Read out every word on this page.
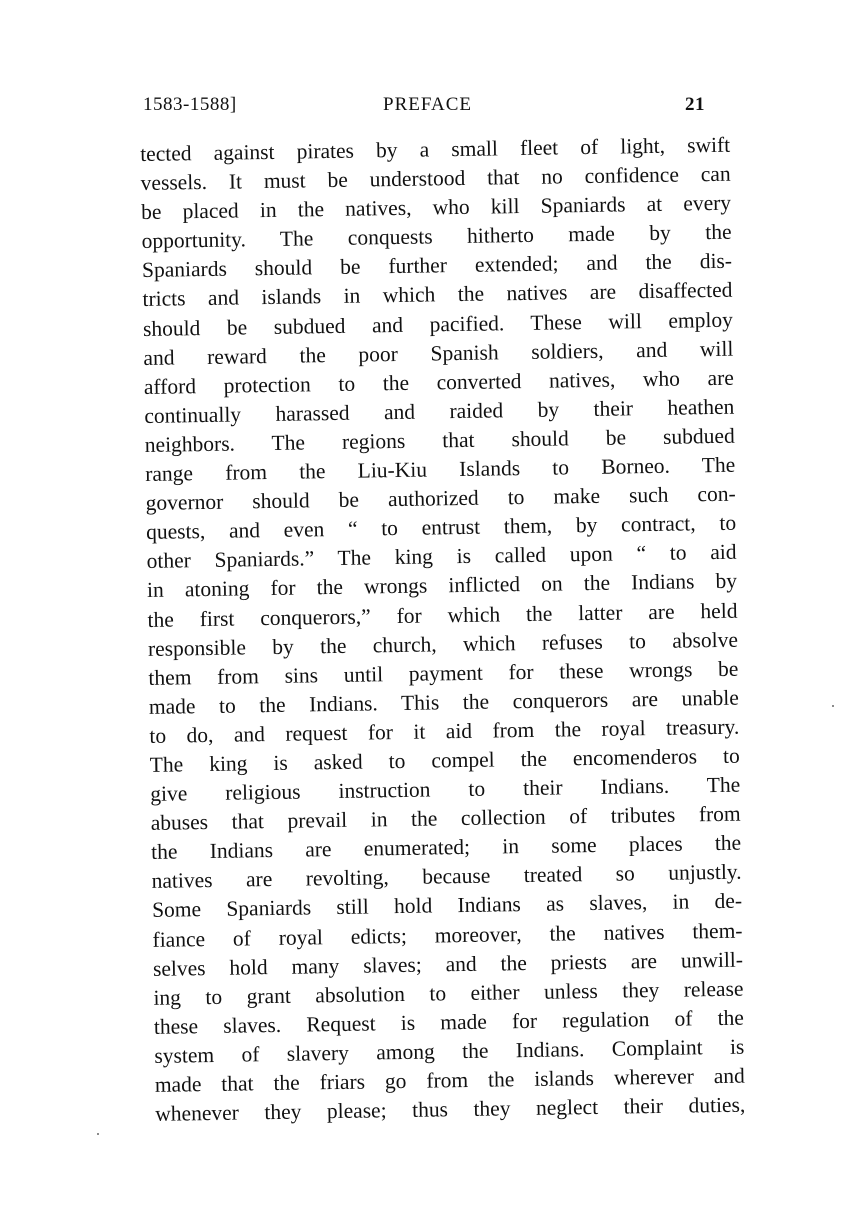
1583-1588]	PREFACE	21
tected against pirates by a small fleet of light, swift
vessels. It must be understood that no confidence can
be placed in the natives, who kill Spaniards at every
opportunity. The conquests hitherto made by the
Spaniards should be further extended; and the dis-
tricts and islands in which the natives are disaffected
should be subdued and pacified. These will employ
and reward the poor Spanish soldiers, and will
afford protection to the converted natives, who are
continually harassed and raided by their heathen
neighbors. The regions that should be subdued
range from the Liu-Kiu Islands to Borneo. The
governor should be authorized to make such con-
quests, and even “ to entrust them, by contract, to
other Spaniards.” The king is called upon “ to aid
in atoning for the wrongs inflicted on the Indians by
the first conquerors,” for which the latter are held
responsible by the church, which refuses to absolve
them from sins until payment for these wrongs be
made to the Indians. This the conquerors are unable
to do, and request for it aid from the royal treasury.
The king is asked to compel the encomenderos to
give religious instruction to their Indians. The
abuses that prevail in the collection of tributes from
the Indians are enumerated; in some places the
natives are revolting, because treated so unjustly.
Some Spaniards still hold Indians as slaves, in de-
fiance of royal edicts; moreover, the natives them-
selves hold many slaves; and the priests are unwill-
ing to grant absolution to either unless they release
these slaves. Request is made for regulation of the
system of slavery among the Indians. Complaint is
made that the friars go from the islands wherever and
whenever they please; thus they neglect their duties,
